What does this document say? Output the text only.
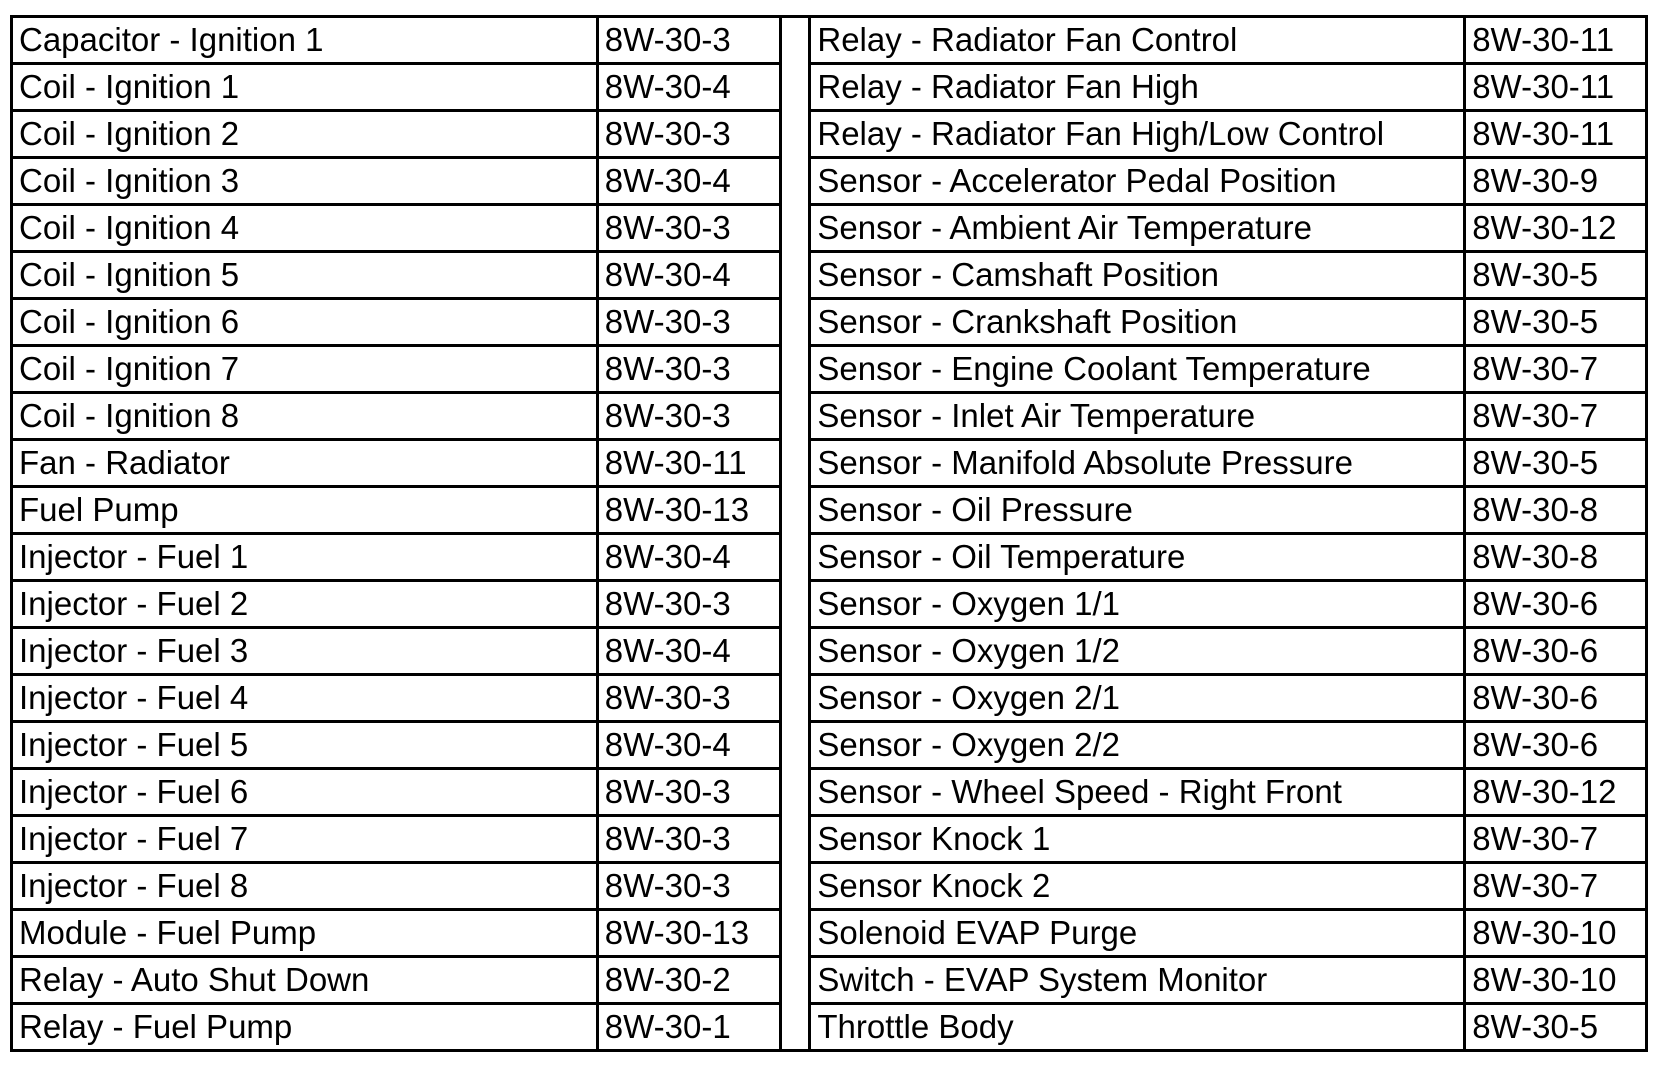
Capacitor - Ignition 1	8W-30-3		Relay - Radiator Fan Control	8W-30-11
Coil - Ignition 1	8W-30-4		Relay - Radiator Fan High	8W-30-11
Coil - Ignition 2	8W-30-3		Relay - Radiator Fan High/Low Control	8W-30-11
Coil - Ignition 3	8W-30-4		Sensor - Accelerator Pedal Position	8W-30-9
Coil - Ignition 4	8W-30-3		Sensor - Ambient Air Temperature	8W-30-12
Coil - Ignition 5	8W-30-4		Sensor - Camshaft Position	8W-30-5
Coil - Ignition 6	8W-30-3		Sensor - Crankshaft Position	8W-30-5
Coil - Ignition 7	8W-30-3		Sensor - Engine Coolant Temperature	8W-30-7
Coil - Ignition 8	8W-30-3		Sensor - Inlet Air Temperature	8W-30-7
Fan - Radiator	8W-30-11		Sensor - Manifold Absolute Pressure	8W-30-5
Fuel Pump	8W-30-13		Sensor - Oil Pressure	8W-30-8
Injector - Fuel 1	8W-30-4		Sensor - Oil Temperature	8W-30-8
Injector - Fuel 2	8W-30-3		Sensor - Oxygen 1/1	8W-30-6
Injector - Fuel 3	8W-30-4		Sensor - Oxygen 1/2	8W-30-6
Injector - Fuel 4	8W-30-3		Sensor - Oxygen 2/1	8W-30-6
Injector - Fuel 5	8W-30-4		Sensor - Oxygen 2/2	8W-30-6
Injector - Fuel 6	8W-30-3		Sensor - Wheel Speed - Right Front	8W-30-12
Injector - Fuel 7	8W-30-3		Sensor Knock 1	8W-30-7
Injector - Fuel 8	8W-30-3		Sensor Knock 2	8W-30-7
Module - Fuel Pump	8W-30-13		Solenoid EVAP Purge	8W-30-10
Relay - Auto Shut Down	8W-30-2		Switch - EVAP System Monitor	8W-30-10
Relay - Fuel Pump	8W-30-1		Throttle Body	8W-30-5
